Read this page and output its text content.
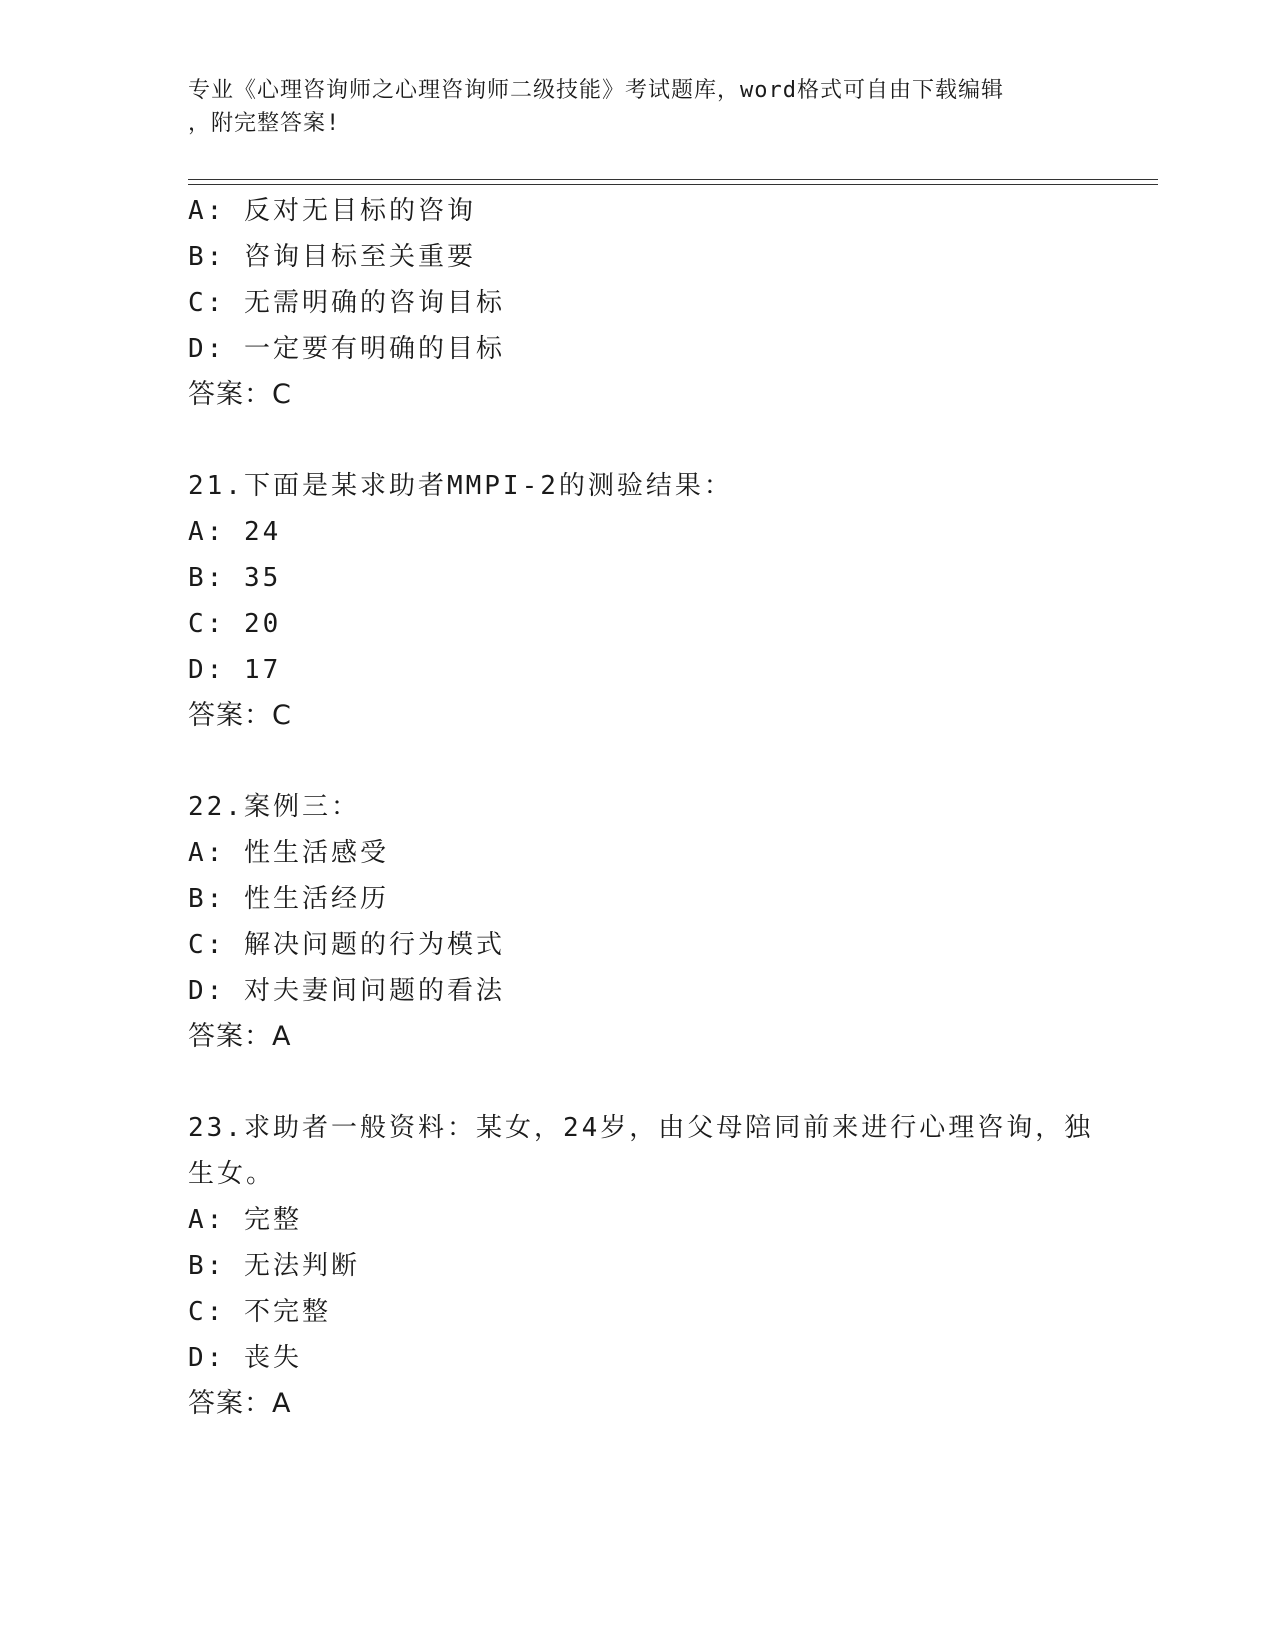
专业《心理咨询师之心理咨询师二级技能》考试题库，word格式可自由下载编辑
，附完整答案!
A: 反对无目标的咨询
B: 咨询目标至关重要
C: 无需明确的咨询目标
D: 一定要有明确的目标
答案：C
21.下面是某求助者MMPI-2的测验结果：
A: 24
B: 35
C: 20
D: 17
答案：C
22.案例三：
A: 性生活感受
B: 性生活经历
C: 解决问题的行为模式
D: 对夫妻间问题的看法
答案：A
23.求助者一般资料：某女，24岁，由父母陪同前来进行心理咨询，独
生女。
A: 完整
B: 无法判断
C: 不完整
D: 丧失
答案：A
